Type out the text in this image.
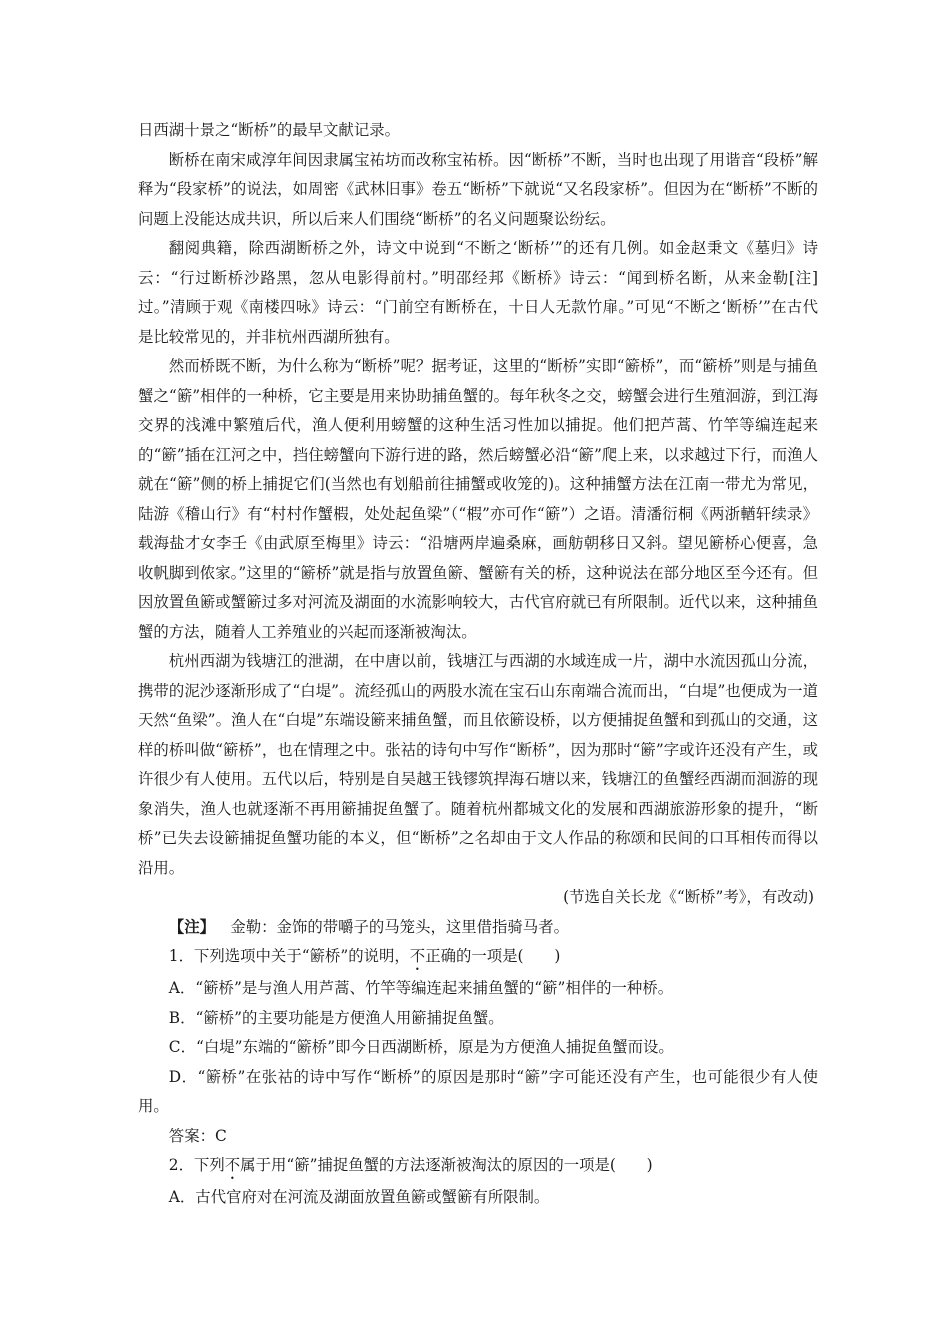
日西湖十景之“断桥”的最早文献记录。

断桥在南宋咸淳年间因隶属宝祐坊而改称宝祐桥。因“断桥”不断，当时也出现了用谐音“段桥”解释为“段家桥”的说法，如周密《武林旧事》卷五“断桥”下就说“又名段家桥”。但因为在“断桥”不断的问题上没能达成共识，所以后来人们围绕“断桥”的名义问题聚讼纷纭。

翻阅典籍，除西湖断桥之外，诗文中说到“不断之‘断桥’”的还有几例。如金赵秉文《墓归》诗云：“行过断桥沙路黑，忽从电影得前村。”明邵经邦《断桥》诗云：“闻到桥名断，从来金勒[注]过。”清顾于观《南楼四咏》诗云：“门前空有断桥在，十日人无款竹扉。”可见“不断之‘断桥’”在古代是比较常见的，并非杭州西湖所独有。

然而桥既不断，为什么称为“断桥”呢？据考证，这里的“断桥”实即“簖桥”，而“簖桥”则是与捕鱼蟹之“簖”相伴的一种桥，它主要是用来协助捕鱼蟹的。每年秋冬之交，螃蟹会进行生殖洄游，到江海交界的浅滩中繁殖后代，渔人便利用螃蟹的这种生活习性加以捕捉。他们把芦蒿、竹竿等编连起来的“簖”插在江河之中，挡住螃蟹向下游行进的路，然后螃蟹必沿“簖”爬上来，以求越过下行，而渔人就在“簖”侧的桥上捕捉它们(当然也有划船前往捕蟹或收笼的)。这种捕蟹方法在江南一带尤为常见，陆游《稽山行》有“村村作蟹椵，处处起鱼梁”（“椵”亦可作“簖”）之语。清潘衍桐《两浙輶轩续录》载海盐才女李壬《由武原至梅里》诗云：“沿塘两岸遍桑麻，画舫朝移日又斜。望见簖桥心便喜，急收帆脚到侬家。”这里的“簖桥”就是指与放置鱼簖、蟹簖有关的桥，这种说法在部分地区至今还有。但因放置鱼簖或蟹簖过多对河流及湖面的水流影响较大，古代官府就已有所限制。近代以来，这种捕鱼蟹的方法，随着人工养殖业的兴起而逐渐被淘汰。

杭州西湖为钱塘江的泄湖，在中唐以前，钱塘江与西湖的水域连成一片，湖中水流因孤山分流，携带的泥沙逐渐形成了“白堤”。流经孤山的两股水流在宝石山东南端合流而出，“白堤”也便成为一道天然“鱼梁”。渔人在“白堤”东端设簖来捕鱼蟹，而且依簖设桥，以方便捕捉鱼蟹和到孤山的交通，这样的桥叫做“簖桥”，也在情理之中。张祜的诗句中写作“断桥”，因为那时“簖”字或许还没有产生，或许很少有人使用。五代以后，特别是自吴越王钱镠筑捍海石塘以来，钱塘江的鱼蟹经西湖而洄游的现象消失，渔人也就逐渐不再用簖捕捉鱼蟹了。随着杭州都城文化的发展和西湖旅游形象的提升，“断桥”已失去设簖捕捉鱼蟹功能的本义，但“断桥”之名却由于文人作品的称颂和民间的口耳相传而得以沿用。

(节选自关长龙《“断桥”考》，有改动)

【注】 金勒：金饰的带嚼子的马笼头，这里借指骑马者。

1．下列选项中关于“簖桥”的说明，不正确的一项是(　　)

A．“簖桥”是与渔人用芦蒿、竹竿等编连起来捕鱼蟹的“簖”相伴的一种桥。

B．“簖桥”的主要功能是方便渔人用簖捕捉鱼蟹。

C．“白堤”东端的“簖桥”即今日西湖断桥，原是为方便渔人捕捉鱼蟹而设。

D．“簖桥”在张祜的诗中写作“断桥”的原因是那时“簖”字可能还没有产生，也可能很少有人使用。

答案：C

2．下列不属于用“簖”捕捉鱼蟹的方法逐渐被淘汰的原因的一项是(　　)

A．古代官府对在河流及湖面放置鱼簖或蟹簖有所限制。
